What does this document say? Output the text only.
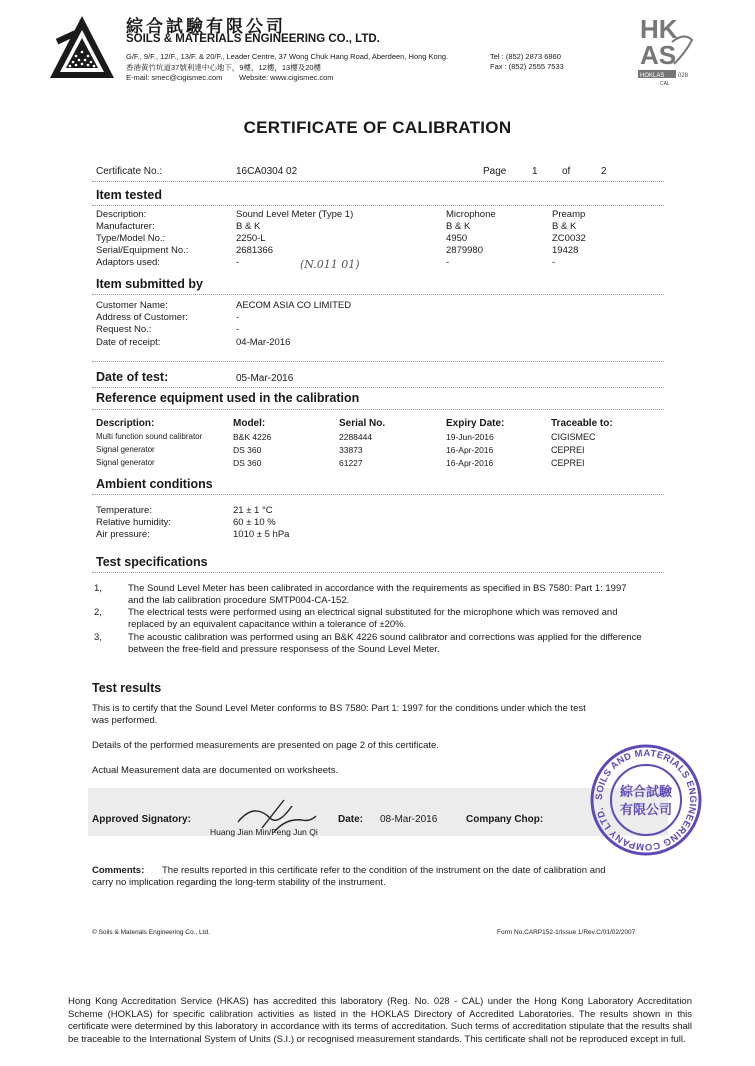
綜合試驗有限公司
SOILS & MATERIALS ENGINEERING CO., LTD.
G/F., 9/F., 12/F., 13/F. & 20/F., Leader Centre, 37 Wong Chuk Hang Road, Aberdeen, Hong Kong.
香港黃竹坑道37號利達中心地下，9樓，12樓，13樓及20樓
E-mail: smec@cigismec.com        Website: www.cigismec.com
Tel : (852) 2873 6860
Fax : (852) 2555 7533
HK
AS
HOKLAS 028
CAL
CERTIFICATE OF CALIBRATION
Certificate No.:	16CA0304 02	Page	1 of	2
Item tested
Description:	Sound Level Meter (Type 1)	Microphone	Preamp
Manufacturer:	B & K	B & K	B & K
Type/Model No.:	2250-L	4950	ZC0032
Serial/Equipment No.:	2681366	2879980	19428
Adaptors used:	-	-	-
(N.011 01)
Item submitted by
Customer Name:	AECOM ASIA CO LIMITED
Address of Customer:	-
Request No.:	-
Date of receipt:	04-Mar-2016
Date of test:	05-Mar-2016
Reference equipment used in the calibration
Description:	Model:	Serial No.	Expiry Date:	Traceable to:
Multi function sound calibrator	B&K 4226	2288444	19-Jun-2016	CIGISMEC
Signal generator	DS 360	33873	16-Apr-2016	CEPREI
Signal generator	DS 360	61227	16-Apr-2016	CEPREI
Ambient conditions
Temperature:	21 ± 1 °C
Relative humidity:	60 ± 10 %
Air pressure:	1010 ± 5 hPa
Test specifications
1,	The Sound Level Meter has been calibrated in accordance with the requirements as specified in BS 7580: Part 1: 1997
and the lab calibration procedure SMTP004-CA-152.
2,	The electrical tests were performed using an electrical signal substituted for the microphone which was removed and
replaced by an equivalent capacitance within a tolerance of ±20%.
3,	The acoustic calibration was performed using an B&K 4226 sound calibrator and corrections was applied for the difference
between the free-field and pressure responsess of the Sound Level Meter.
Test results
This is to certify that the Sound Level Meter conforms to BS 7580: Part 1: 1997 for the conditions under which the test
was performed.
Details of the performed measurements are presented on page 2 of this certificate.
Actual Measurement data are documented on worksheets.
Approved Signatory:
Huang Jian Min/Feng Jun Qi
Date: 08-Mar-2016	Company Chop:
SOILS AND MATERIALS ENGINEERING COMPANY LTD.
綜合試驗
有限公司
Comments: The results reported in this certificate refer to the condition of the instrument on the date of calibration and
carry no implication regarding the long-term stability of the instrument.
© Soils & Materials Engineering Co., Ltd.	Form No.CARP152-1/Issue 1/Rev.C/01/02/2007
Hong Kong Accreditation Service (HKAS) has accredited this laboratory (Reg. No. 028 - CAL) under the Hong Kong Laboratory Accreditation Scheme (HOKLAS) for specific calibration activities as listed in the HOKLAS Directory of Accredited Laboratories. The results shown in this certificate were determined by this laboratory in accordance with its terms of accreditation. Such terms of accreditation stipulate that the results shall be traceable to the International System of Units (S.I.) or recognised measurement standards. This certificate shall not be reproduced except in full.
